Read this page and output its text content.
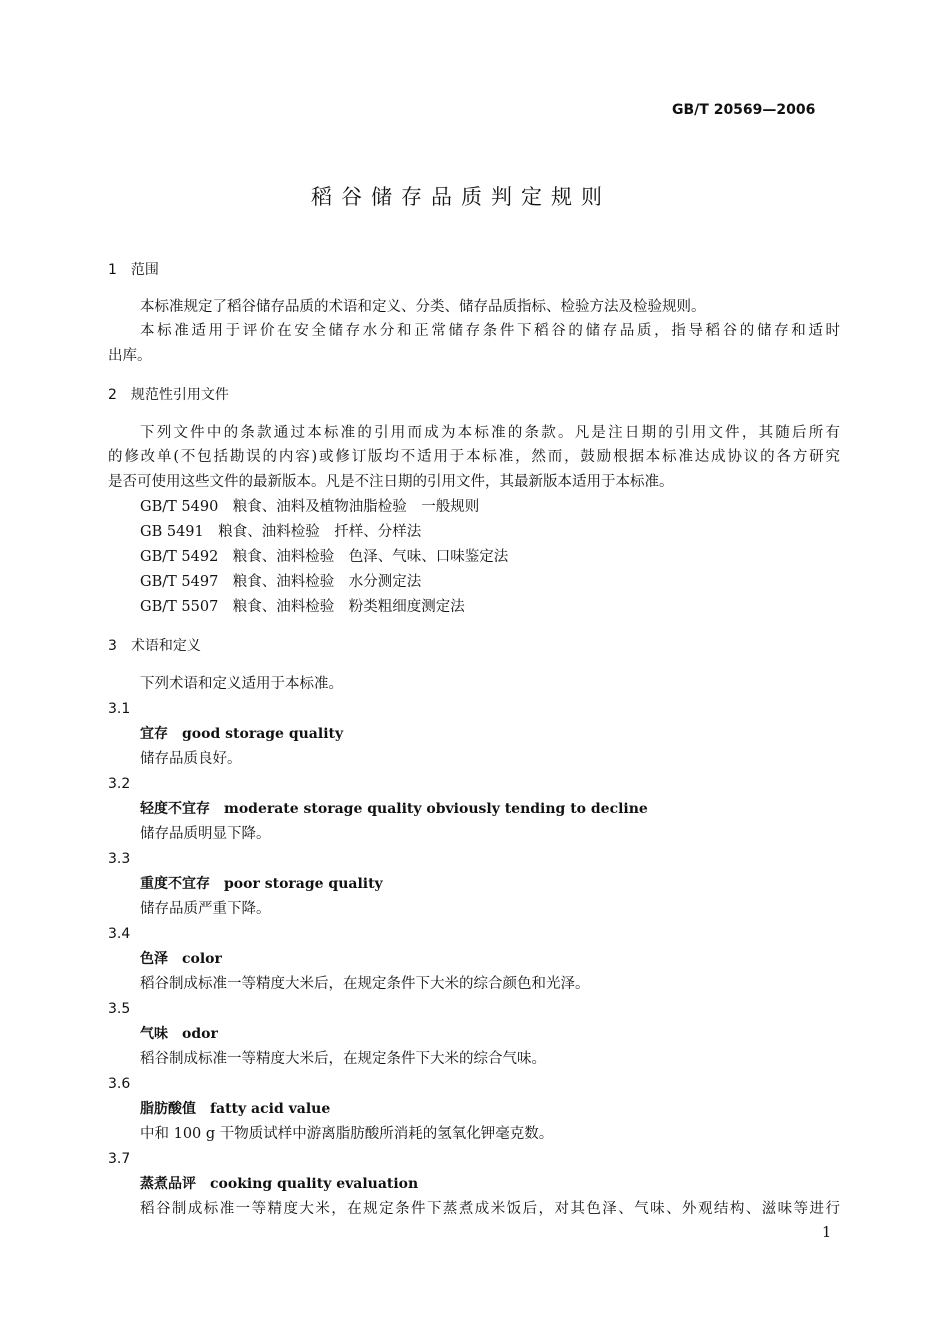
GB/T 20569—2006
稻谷储存品质判定规则
1　范围
本标准规定了稻谷储存品质的术语和定义、分类、储存品质指标、检验方法及检验规则。
本标准适用于评价在安全储存水分和正常储存条件下稻谷的储存品质，指导稻谷的储存和适时
出库。
2　规范性引用文件
下列文件中的条款通过本标准的引用而成为本标准的条款。凡是注日期的引用文件，其随后所有
的修改单(不包括勘误的内容)或修订版均不适用于本标准，然而，鼓励根据本标准达成协议的各方研究
是否可使用这些文件的最新版本。凡是不注日期的引用文件，其最新版本适用于本标准。
3　术语和定义
下列术语和定义适用于本标准。
1
GB/T 5490　粮食、油料及植物油脂检验　一般规则
GB 5491　粮食、油料检验　扦样、分样法
GB/T 5492　粮食、油料检验　色泽、气味、口味鉴定法
GB/T 5497　粮食、油料检验　水分测定法
GB/T 5507　粮食、油料检验　粉类粗细度测定法
3.1
宜存　good storage quality
储存品质良好。
3.2
轻度不宜存　moderate storage quality obviously tending to decline
储存品质明显下降。
3.3
重度不宜存　poor storage quality
储存品质严重下降。
3.4
色泽　color
稻谷制成标准一等精度大米后，在规定条件下大米的综合颜色和光泽。
3.5
气味　odor
稻谷制成标准一等精度大米后，在规定条件下大米的综合气味。
3.6
脂肪酸值　fatty acid value
中和 100 g 干物质试样中游离脂肪酸所消耗的氢氧化钾毫克数。
3.7
蒸煮品评　cooking quality evaluation
稻谷制成标准一等精度大米，在规定条件下蒸煮成米饭后，对其色泽、气味、外观结构、滋味等进行
